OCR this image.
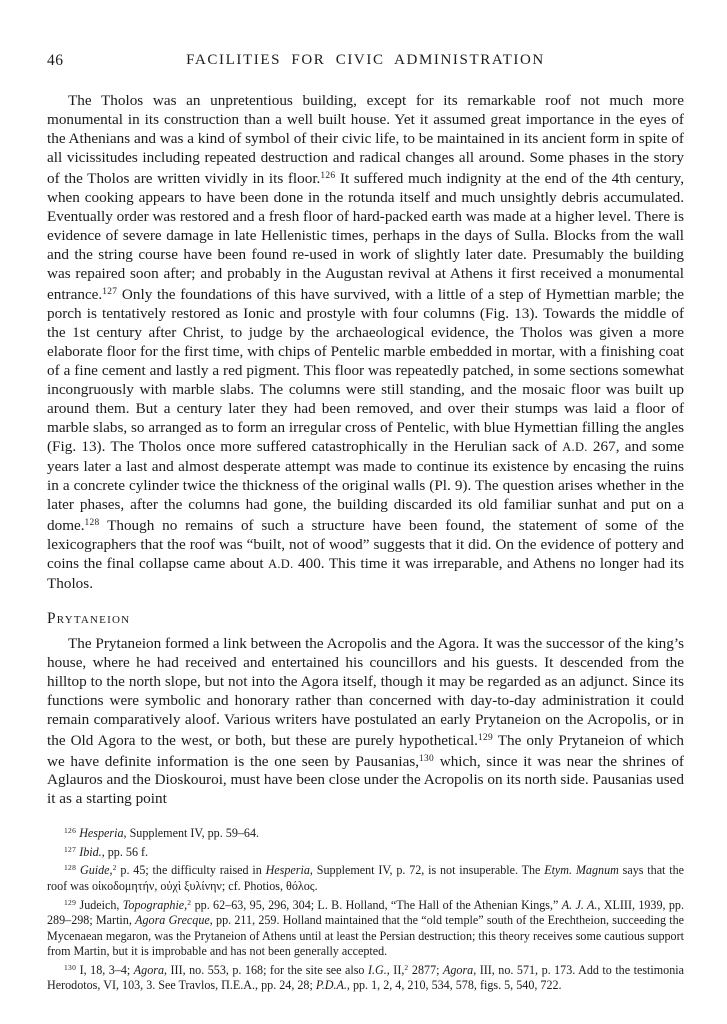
46	FACILITIES FOR CIVIC ADMINISTRATION

The Tholos was an unpretentious building, except for its remarkable roof not much more monumental in its construction than a well built house. Yet it assumed great importance in the eyes of the Athenians and was a kind of symbol of their civic life, to be maintained in its ancient form in spite of all vicissitudes including repeated destruction and radical changes all around. Some phases in the story of the Tholos are written vividly in its floor.$^{126}$ It suffered much indignity at the end of the 4th century, when cooking appears to have been done in the rotunda itself and much unsightly debris accumulated. Eventually order was restored and a fresh floor of hard-packed earth was made at a higher level. There is evidence of severe damage in late Hellenistic times, perhaps in the days of Sulla. Blocks from the wall and the string course have been found re-used in work of slightly later date. Presumably the building was repaired soon after; and probably in the Augustan revival at Athens it first received a monumental entrance.$^{127}$ Only the foundations of this have survived, with a little of a step of Hymettian marble; the porch is tentatively restored as Ionic and prostyle with four columns (Fig. 13). Towards the middle of the 1st century after Christ, to judge by the archaeological evidence, the Tholos was given a more elaborate floor for the first time, with chips of Pentelic marble embedded in mortar, with a finishing coat of a fine cement and lastly a red pigment. This floor was repeatedly patched, in some sections somewhat incongruously with marble slabs. The columns were still standing, and the mosaic floor was built up around them. But a century later they had been removed, and over their stumps was laid a floor of marble slabs, so arranged as to form an irregular cross of Pentelic, with blue Hymettian filling the angles (Fig. 13). The Tholos once more suffered catastrophically in the Herulian sack of A.D. 267, and some years later a last and almost desperate attempt was made to continue its existence by encasing the ruins in a concrete cylinder twice the thickness of the original walls (Pl. 9). The question arises whether in the later phases, after the columns had gone, the building discarded its old familiar sunhat and put on a dome.$^{128}$ Though no remains of such a structure have been found, the statement of some of the lexicographers that the roof was “built, not of wood” suggests that it did. On the evidence of pottery and coins the final collapse came about A.D. 400. This time it was irreparable, and Athens no longer had its Tholos.

Prytaneion

The Prytaneion formed a link between the Acropolis and the Agora. It was the successor of the king’s house, where he had received and entertained his councillors and his guests. It descended from the hilltop to the north slope, but not into the Agora itself, though it may be regarded as an adjunct. Since its functions were symbolic and honorary rather than concerned with day-to-day administration it could remain comparatively aloof. Various writers have postulated an early Prytaneion on the Acropolis, or in the Old Agora to the west, or both, but these are purely hypothetical.$^{129}$ The only Prytaneion of which we have definite information is the one seen by Pausanias,$^{130}$ which, since it was near the shrines of Aglauros and the Dioskouroi, must have been close under the Acropolis on its north side. Pausanias used it as a starting point

$^{126}$ Hesperia, Supplement IV, pp. 59–64.

$^{127}$ Ibid., pp. 56 f.

$^{128}$ Guide,$^2$ p. 45; the difficulty raised in Hesperia, Supplement IV, p. 72, is not insuperable. The Etym. Magnum says that the roof was οἰκοδομητήν, οὐχὶ ξυλίνην; cf. Photios, θόλος.

$^{129}$ Judeich, Topographie,$^2$ pp. 62–63, 95, 296, 304; L. B. Holland, “The Hall of the Athenian Kings,” A. J. A., XLIII, 1939, pp. 289–298; Martin, Agora Grecque, pp. 211, 259. Holland maintained that the “old temple” south of the Erechtheion, succeeding the Mycenaean megaron, was the Prytaneion of Athens until at least the Persian destruction; this theory receives some cautious support from Martin, but it is improbable and has not been generally accepted.

$^{130}$ I, 18, 3–4; Agora, III, no. 553, p. 168; for the site see also I.G., II,$^2$ 2877; Agora, III, no. 571, p. 173. Add to the testimonia Herodotos, VI, 103, 3. See Travlos, Π.Ε.Α., pp. 24, 28; P.D.A., pp. 1, 2, 4, 210, 534, 578, figs. 5, 540, 722.
